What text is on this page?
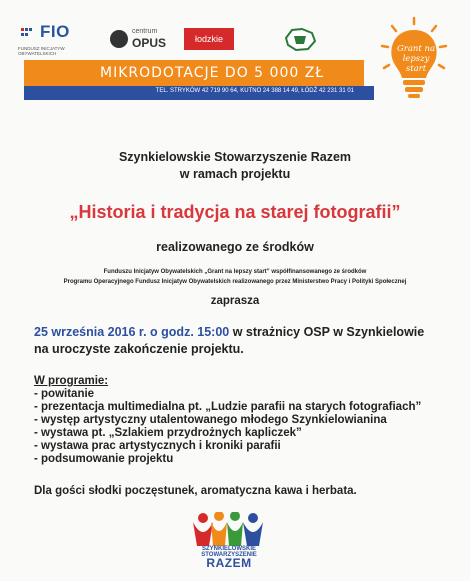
FIO
FUNDUSZ INICJATYW OBYWATELSKICH
centrum
OPUS	łodzkie
MIKRODOTACJE DO 5 000 ZŁ
TEL. STRYKÓW 42 719 90 64, KUTNO 24 388 14 49, ŁÓDŹ 42 231 31 01
Grant na lepszy start
Szynkielowskie Stowarzyszenie Razem
w ramach projektu
„Historia i tradycja na starej fotografii”
realizowanego ze środków
Funduszu Inicjatyw Obywatelskich „Grant na lepszy start” współfinansowanego ze środków
Programu Operacyjnego Fundusz Inicjatyw Obywatelskich realizowanego przez Ministerstwo Pracy i Polityki Społecznej
zaprasza
25 września 2016 r. o godz. 15:00 w strażnicy OSP w Szynkielowie
na uroczyste zakończenie projektu.
W programie:
- powitanie
- prezentacja multimedialna pt. „Ludzie parafii na starych fotografiach”
- występ artystyczny utalentowanego młodego Szynkielowianina
- wystawa pt. „Szlakiem przydrożnych kapliczek”
- wystawa prac artystycznych i kroniki parafii
- podsumowanie projektu
Dla gości słodki poczęstunek, aromatyczna kawa i herbata.
SZYNKIELOWSKIE STOWARZYSZENIE
RAZEM
